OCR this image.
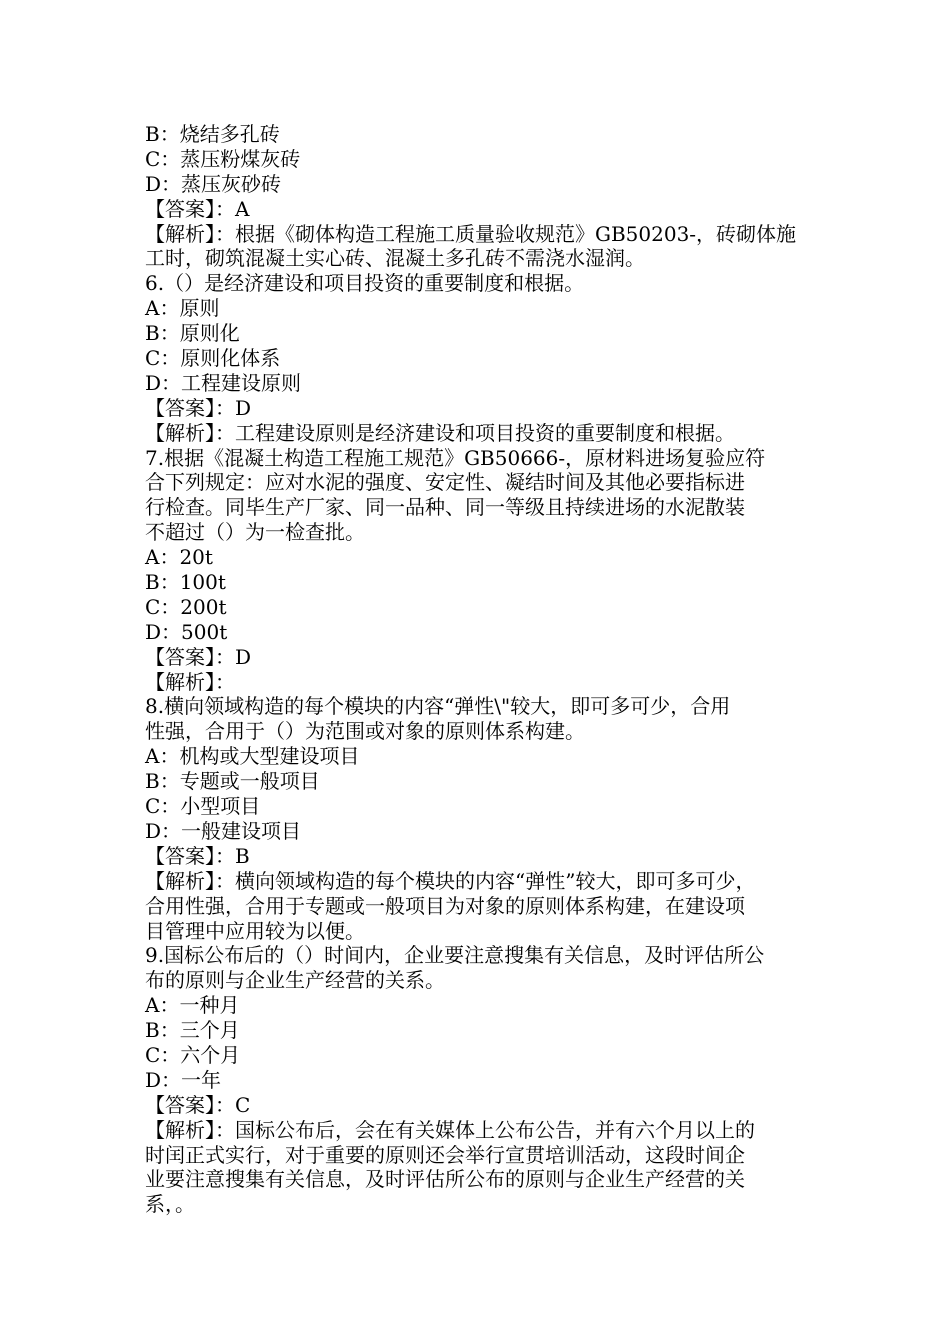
B：烧结多孔砖
C：蒸压粉煤灰砖
D：蒸压灰砂砖
【答案】：A
【解析】：根据《砌体构造工程施工质量验收规范》GB50203-，砖砌体施
工时，砌筑混凝土实心砖、混凝土多孔砖不需浇水湿润。
6.（）是经济建设和项目投资的重要制度和根据。
A：原则
B：原则化
C：原则化体系
D：工程建设原则
【答案】：D
【解析】：工程建设原则是经济建设和项目投资的重要制度和根据。
7.根据《混凝土构造工程施工规范》GB50666-，原材料进场复验应符
合下列规定：应对水泥的强度、安定性、凝结时间及其他必要指标进
行检查。同毕生产厂家、同一品种、同一等级且持续进场的水泥散装
不超过（）为一检查批。
A：20t
B：100t
C：200t
D：500t
【答案】：D
【解析】：
8.横向领域构造的每个模块的内容“弹性\"较大，即可多可少，合用
性强，合用于（）为范围或对象的原则体系构建。
A：机构或大型建设项目
B：专题或一般项目
C：小型项目
D：一般建设项目
【答案】：B
【解析】：横向领域构造的每个模块的内容“弹性”较大，即可多可少，
合用性强，合用于专题或一般项目为对象的原则体系构建，在建设项
目管理中应用较为以便。
9.国标公布后的（）时间内，企业要注意搜集有关信息，及时评估所公
布的原则与企业生产经营的关系。
A：一种月
B：三个月
C：六个月
D：一年
【答案】：C
【解析】：国标公布后，会在有关媒体上公布公告，并有六个月以上的
时闰正式实行，对于重要的原则还会举行宣贯培训活动，这段时间企
业要注意搜集有关信息，及时评估所公布的原则与企业生产经营的关
系，。
